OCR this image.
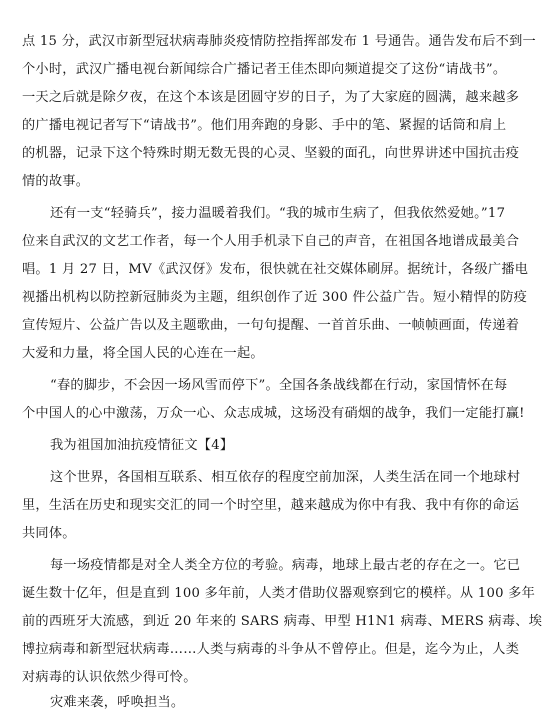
点 15 分，武汉市新型冠状病毒肺炎疫情防控指挥部发布 1 号通告。通告发布后不到一
个小时，武汉广播电视台新闻综合广播记者王佳杰即向频道提交了这份“请战书”。
一天之后就是除夕夜，在这个本该是团圆守岁的日子，为了大家庭的圆满，越来越多
的广播电视记者写下“请战书”。他们用奔跑的身影、手中的笔、紧握的话筒和肩上
的机器，记录下这个特殊时期无数无畏的心灵、坚毅的面孔，向世界讲述中国抗击疫
情的故事。
还有一支“轻骑兵”，接力温暖着我们。“我的城市生病了，但我依然爱她。”17
位来自武汉的文艺工作者，每一个人用手机录下自己的声音，在祖国各地谱成最美合
唱。1 月 27 日，MV《武汉伢》发布，很快就在社交媒体刷屏。据统计，各级广播电
视播出机构以防控新冠肺炎为主题，组织创作了近 300 件公益广告。短小精悍的防疫
宣传短片、公益广告以及主题歌曲，一句句提醒、一首首乐曲、一帧帧画面，传递着
大爱和力量，将全国人民的心连在一起。
“春的脚步，不会因一场风雪而停下”。全国各条战线都在行动，家国情怀在每
个中国人的心中激荡，万众一心、众志成城，这场没有硝烟的战争，我们一定能打赢!
我为祖国加油抗疫情征文【4】
这个世界，各国相互联系、相互依存的程度空前加深，人类生活在同一个地球村
里，生活在历史和现实交汇的同一个时空里，越来越成为你中有我、我中有你的命运
共同体。
每一场疫情都是对全人类全方位的考验。病毒，地球上最古老的存在之一。它已
诞生数十亿年，但是直到 100 多年前，人类才借助仪器观察到它的模样。从 100 多年
前的西班牙大流感，到近 20 年来的 SARS 病毒、甲型 H1N1 病毒、MERS 病毒、埃
博拉病毒和新型冠状病毒……人类与病毒的斗争从不曾停止。但是，迄今为止，人类
对病毒的认识依然少得可怜。
灾难来袭，呼唤担当。
